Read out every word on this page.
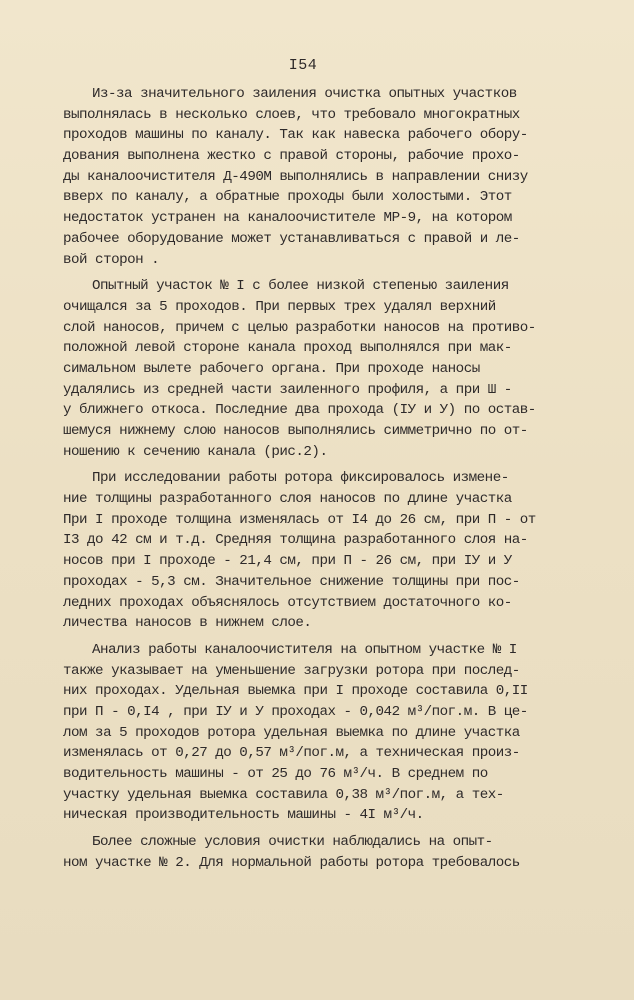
I54
Из-за значительного заиления очистка опытных участков
выполнялась в несколько слоев, что требовало многократных
проходов машины по каналу. Так как навеска рабочего обору-
дования выполнена жестко с правой стороны, рабочие прохо-
ды каналоочистителя Д-490М выполнялись в направлении снизу
вверх по каналу, а обратные проходы были холостыми. Этот
недостаток устранен на каналоочистителе МР-9, на котором
рабочее оборудование может устанавливаться с правой и ле-
вой сторон .
Опытный участок № I с более низкой степенью заиления
очищался за 5 проходов. При первых трех удалял верхний
слой наносов, причем с целью разработки наносов на противо-
положной левой стороне канала проход выполнялся при мак-
симальном вылете рабочего органа. При проходе наносы
удалялись из средней части заиленного профиля, а при Ш -
у ближнего откоса. Последние два прохода (ІУ и У) по остав-
шемуся нижнему слою наносов выполнялись симметрично по от-
ношению к сечению канала (рис.2).
При исследовании работы ротора фиксировалось измене-
ние толщины разработанного слоя наносов по длине участка
При I проходе толщина изменялась от I4 до 26 см, при П - от
I3 до 42 см и т.д. Средняя толщина разработанного слоя на-
носов при I проходе - 21,4 см, при П - 26 см, при ІУ и У
проходах - 5,3 см. Значительное снижение толщины при пос-
ледних проходах объяснялось отсутствием достаточного ко-
личества наносов в нижнем слое.
Анализ работы каналоочистителя на опытном участке № I
также указывает на уменьшение загрузки ротора при послед-
них проходах. Удельная выемка при I проходе составила 0,II
при П - 0,I4 , при ІУ и У проходах - 0,042 м³/пог.м. В це-
лом за 5 проходов ротора удельная выемка по длине участка
изменялась от 0,27 до 0,57 м³/пог.м, а техническая произ-
водительность машины - от 25 до 76 м³/ч. В среднем по
участку удельная выемка составила 0,38 м³/пог.м, а тех-
ническая производительность машины - 4I м³/ч.
Более сложные условия очистки наблюдались на опыт-
ном участке № 2. Для нормальной работы ротора требовалось
